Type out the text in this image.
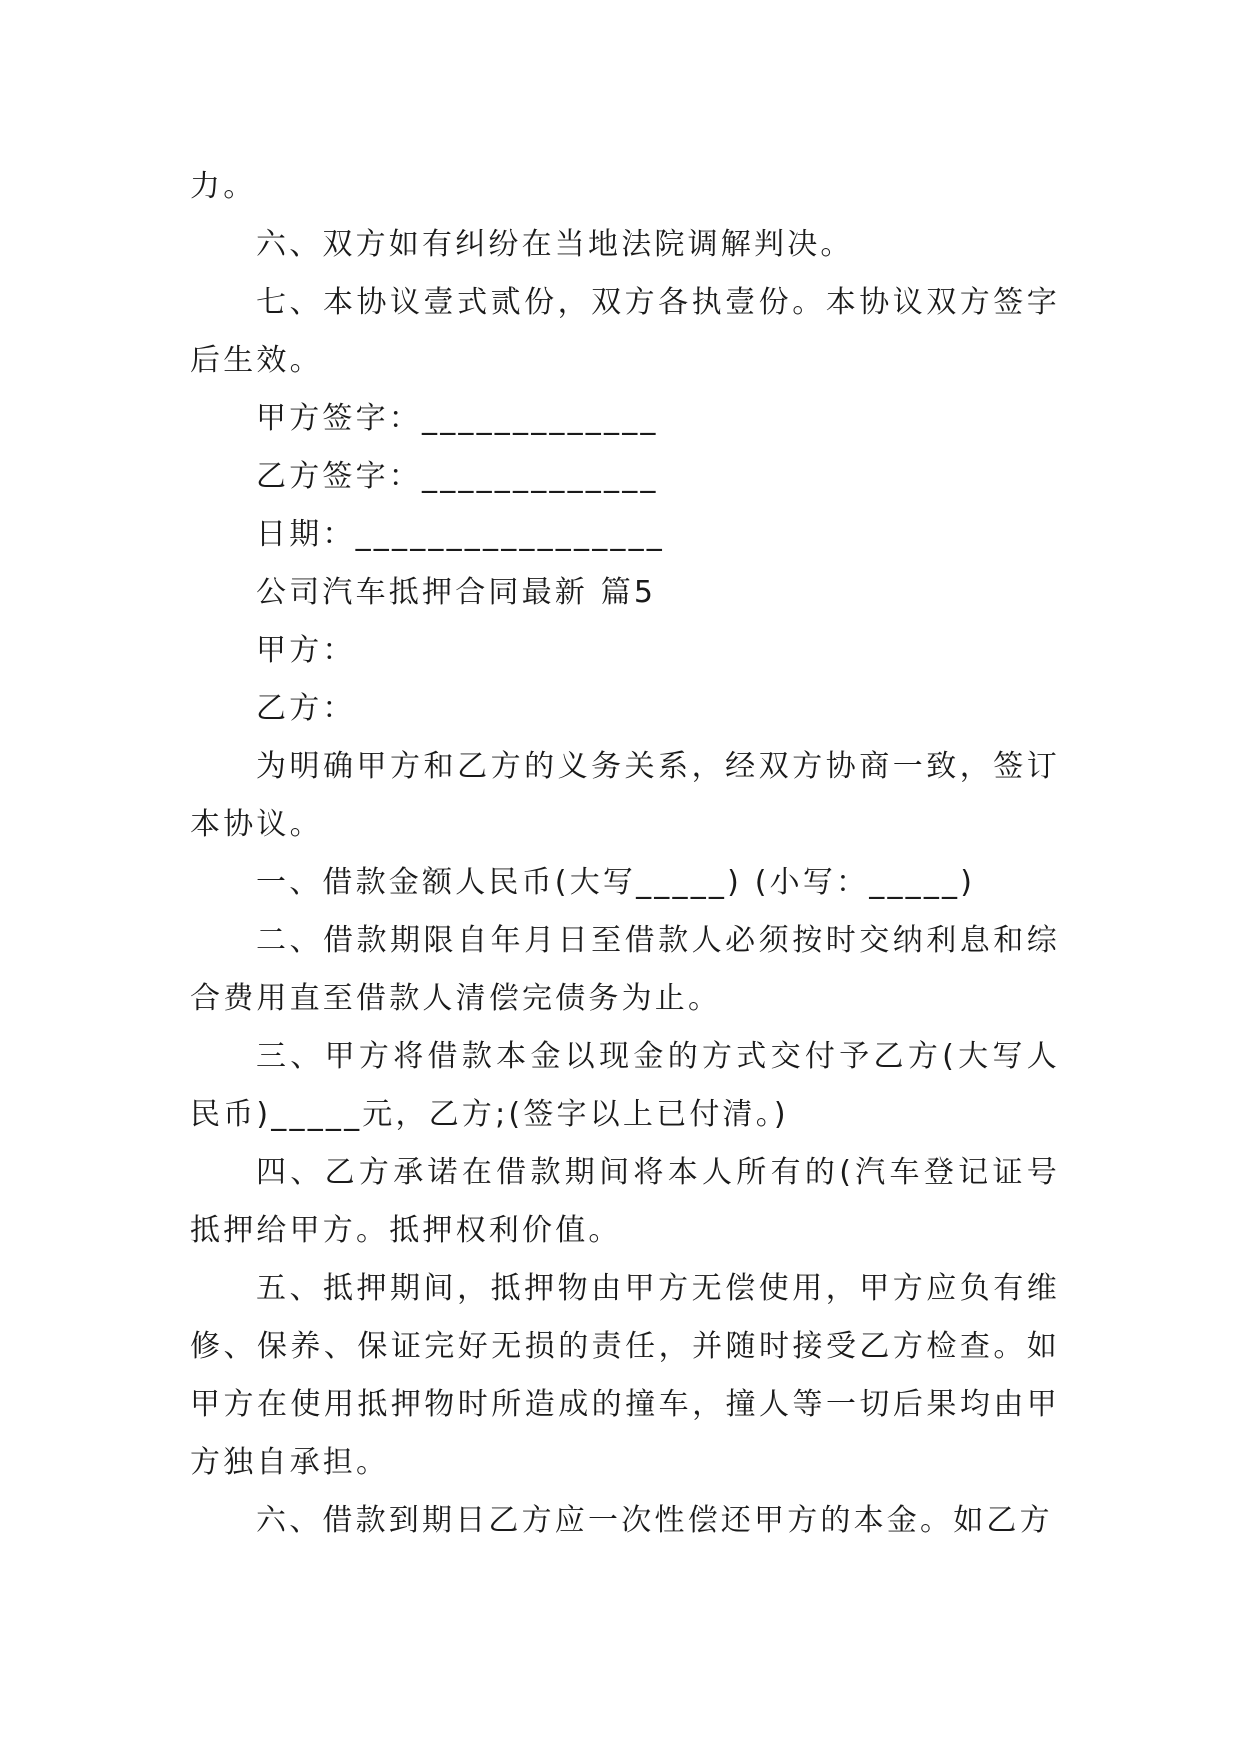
力。

六、双方如有纠纷在当地法院调解判决。

七、本协议壹式贰份，双方各执壹份。本协议双方签字后生效。

甲方签字：_____________

乙方签字：_____________

日期：_________________

公司汽车抵押合同最新 篇5

甲方：

乙方：

为明确甲方和乙方的义务关系，经双方协商一致，签订本协议。

一、借款金额人民币(大写_____) (小写：_____)

二、借款期限自年月日至借款人必须按时交纳利息和综合费用直至借款人清偿完债务为止。

三、甲方将借款本金以现金的方式交付予乙方(大写人民币)_____元，乙方;(签字以上已付清。)

四、乙方承诺在借款期间将本人所有的(汽车登记证号抵押给甲方。抵押权利价值。

五、抵押期间，抵押物由甲方无偿使用，甲方应负有维修、保养、保证完好无损的责任，并随时接受乙方检查。如甲方在使用抵押物时所造成的撞车，撞人等一切后果均由甲方独自承担。

六、借款到期日乙方应一次性偿还甲方的本金。如乙方
